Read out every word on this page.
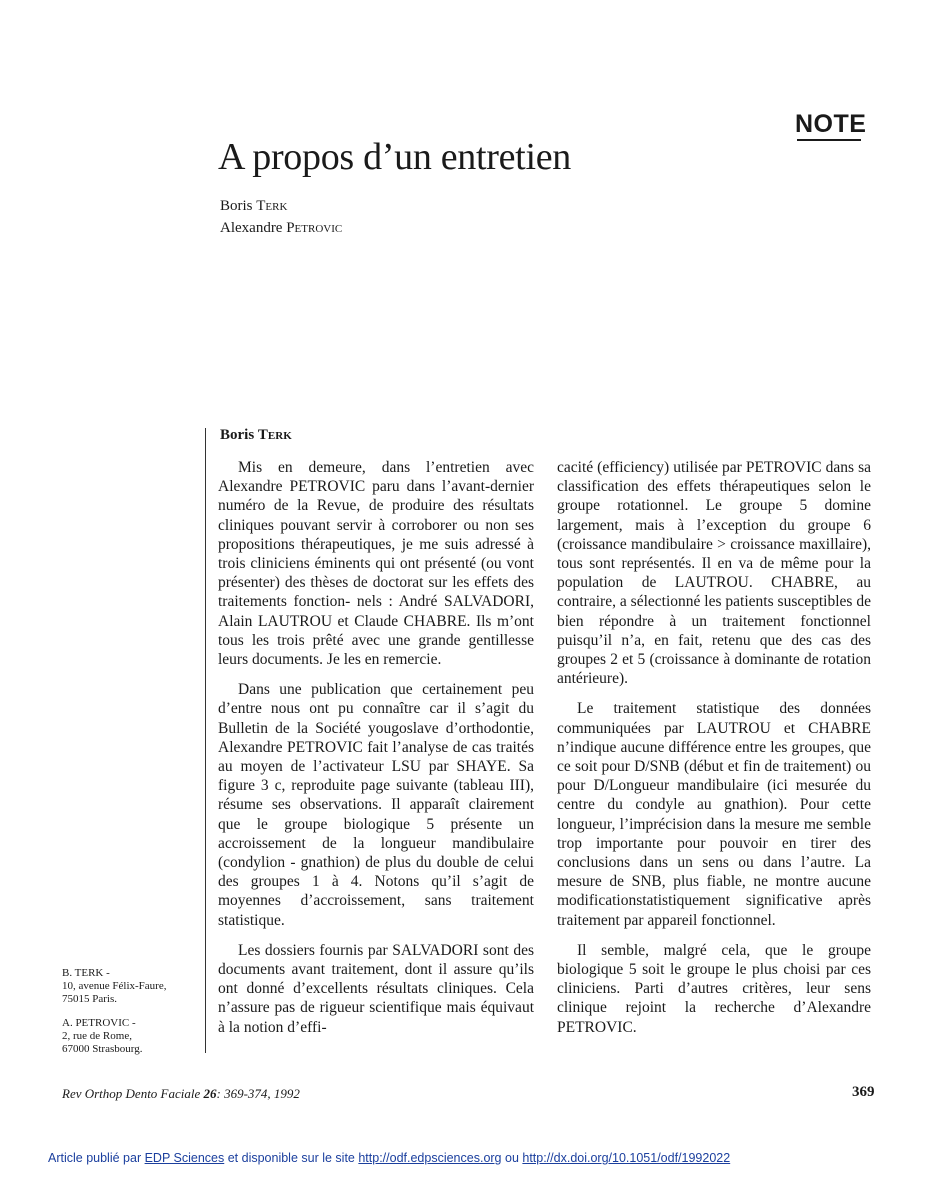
NOTE
A propos d’un entretien
Boris Terk
Alexandre Petrovic
Boris Terk

Mis en demeure, dans l’entretien avec Alexandre PETROVIC paru dans l’avant-dernier numéro de la Revue, de produire des résultats cliniques pouvant servir à corroborer ou non ses propositions thérapeutiques, je me suis adressé à trois cliniciens éminents qui ont présenté (ou vont présenter) des thèses de doctorat sur les effets des traitements fonction- nels : André SALVADORI, Alain LAUTROU et Claude CHABRE. Ils m’ont tous les trois prêté avec une grande gentillesse leurs documents. Je les en remercie.

Dans une publication que certainement peu d’entre nous ont pu connaître car il s’agit du Bulletin de la Société yougoslave d’orthodontie, Alexandre PETROVIC fait l’analyse de cas traités au moyen de l’activateur LSU par SHAYE. Sa figure 3 c, reproduite page suivante (tableau III), résume ses observations. Il apparaît clairement que le groupe biologique 5 présente un accroissement de la longueur mandibulaire (condylion - gnathion) de plus du double de celui des groupes 1 à 4. Notons qu’il s’agit de moyennes d’accroissement, sans traitement statistique.

Les dossiers fournis par SALVADORI sont des documents avant traitement, dont il assure qu’ils ont donné d’excellents résultats cliniques. Cela n’assure pas de rigueur scientifique mais équivaut à la notion d’effi-

cacité (efficiency) utilisée par PETROVIC dans sa classification des effets thérapeutiques selon le groupe rotationnel. Le groupe 5 domine largement, mais à l’exception du groupe 6 (croissance mandibulaire > croissance maxillaire), tous sont représentés. Il en va de même pour la population de LAUTROU. CHABRE, au contraire, a sélectionné les patients susceptibles de bien répondre à un traitement fonctionnel puisqu’il n’a, en fait, retenu que des cas des groupes 2 et 5 (croissance à dominante de rotation antérieure).

Le traitement statistique des données communiquées par LAUTROU et CHABRE n’indique aucune différence entre les groupes, que ce soit pour D/SNB (début et fin de traitement) ou pour D/Longueur mandibulaire (ici mesurée du centre du condyle au gnathion). Pour cette longueur, l’imprécision dans la mesure me semble trop importante pour pouvoir en tirer des conclusions dans un sens ou dans l’autre. La mesure de SNB, plus fiable, ne montre aucune modificationstatistiquement significative après traitement par appareil fonctionnel.

Il semble, malgré cela, que le groupe biologique 5 soit le groupe le plus choisi par ces cliniciens. Parti d’autres critères, leur sens clinique rejoint la recherche d’Alexandre PETROVIC.

B. TERK -
10, avenue Félix-Faure,
75015 Paris.
A. PETROVIC -
2, rue de Rome,
67000 Strasbourg.
Rev Orthop Dento Faciale 26: 369-374, 1992	369
Article publié par EDP Sciences et disponible sur le site http://odf.edpsciences.org ou http://dx.doi.org/10.1051/odf/1992022
